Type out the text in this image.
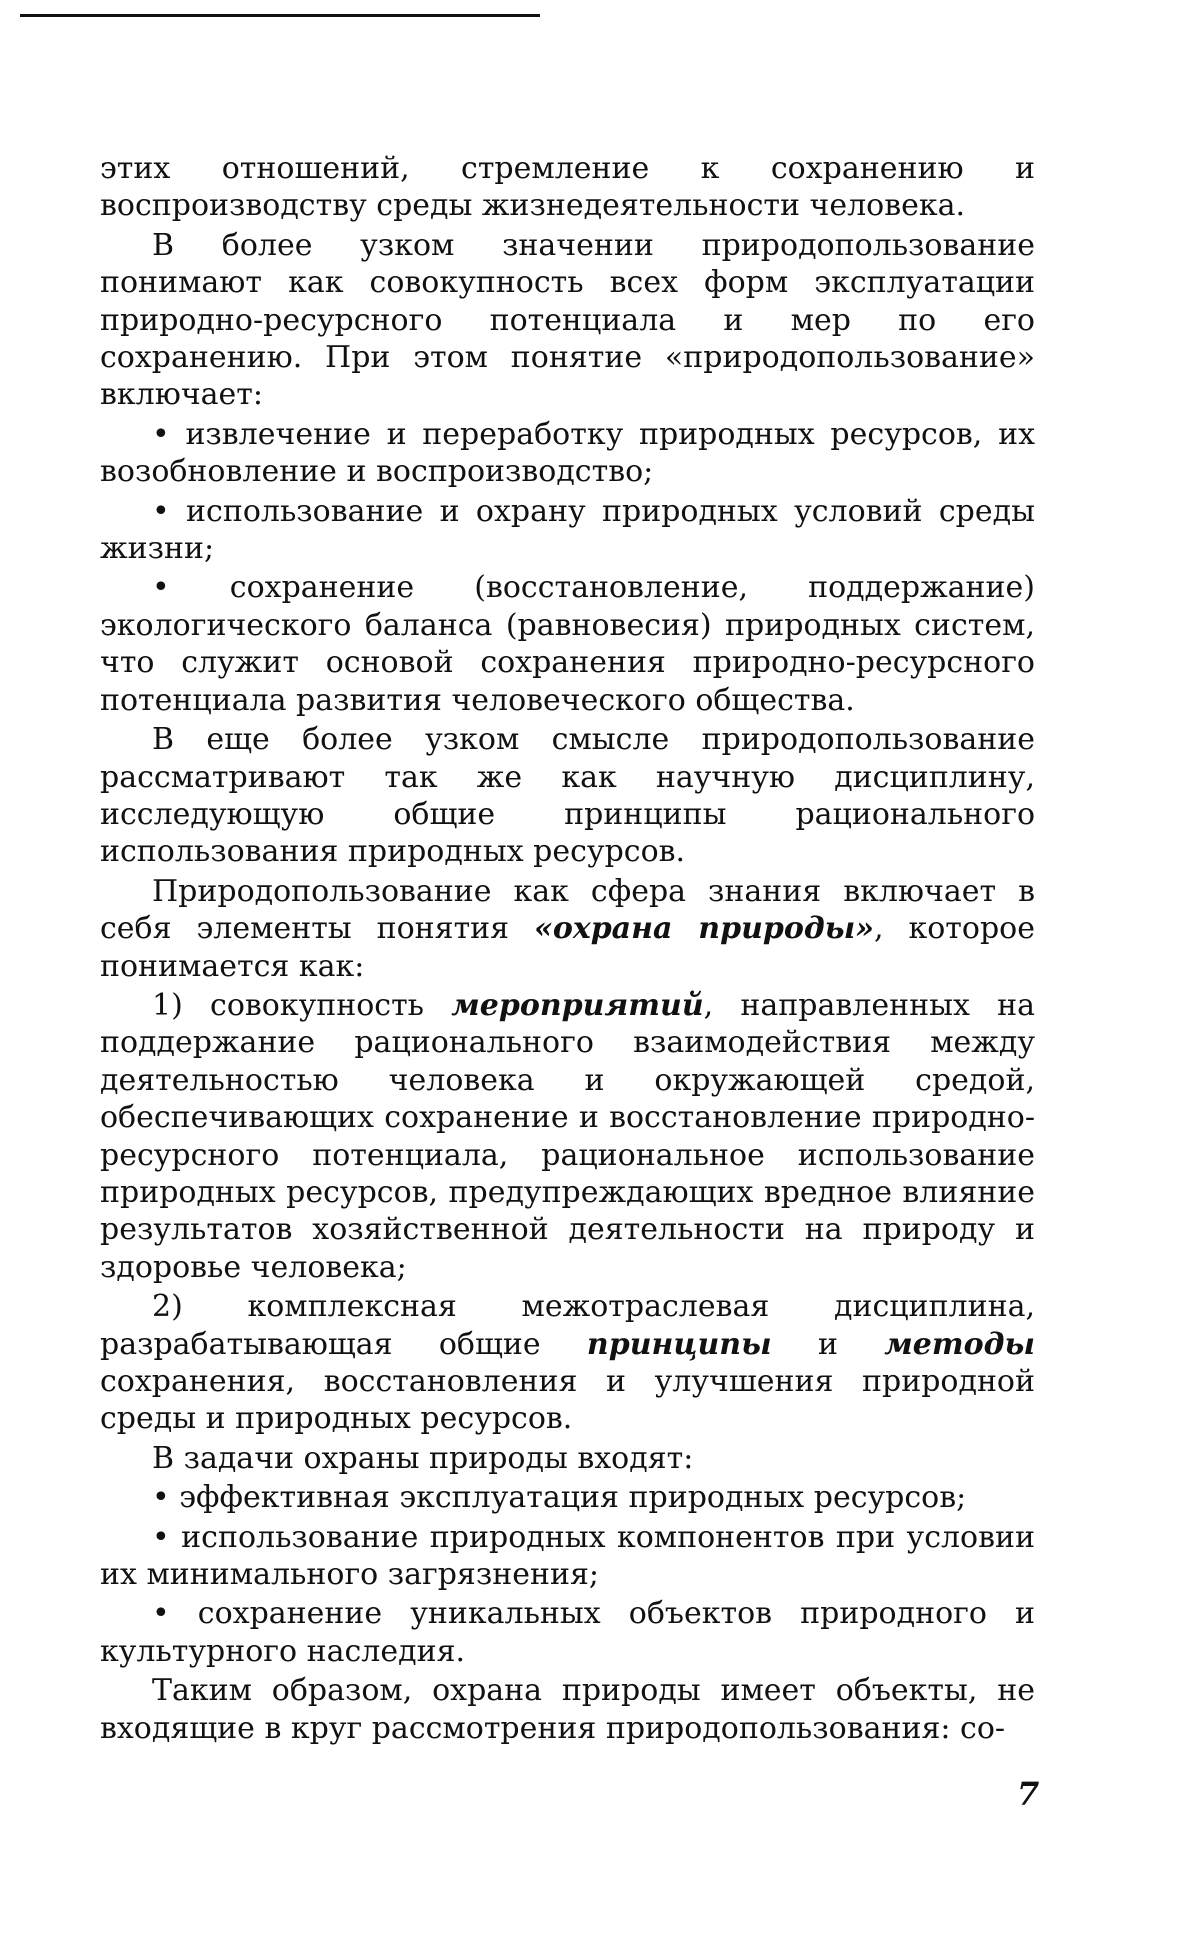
этих отношений, стремление к сохранению и воспроизводству среды жизнедеятельности человека.

В более узком значении природопользование понимают как совокупность всех форм эксплуатации природно-ресурсного потенциала и мер по его сохранению. При этом понятие «природопользование» включает:

• извлечение и переработку природных ресурсов, их возобновление и воспроизводство;

• использование и охрану природных условий среды жизни;

• сохранение (восстановление, поддержание) экологического баланса (равновесия) природных систем, что служит основой сохранения природно-ресурсного потенциала развития человеческого общества.

В еще более узком смысле природопользование рассматривают так же как научную дисциплину, исследующую общие принципы рационального использования природных ресурсов.

Природопользование как сфера знания включает в себя элементы понятия «охрана природы», которое понимается как:

1) совокупность мероприятий, направленных на поддержание рационального взаимодействия между деятельностью человека и окружающей средой, обеспечивающих сохранение и восстановление природно-ресурсного потенциала, рациональное использование природных ресурсов, предупреждающих вредное влияние результатов хозяйственной деятельности на природу и здоровье человека;

2) комплексная межотраслевая дисциплина, разрабатывающая общие принципы и методы сохранения, восстановления и улучшения природной среды и природных ресурсов.

В задачи охраны природы входят:

• эффективная эксплуатация природных ресурсов;

• использование природных компонентов при условии их минимального загрязнения;

• сохранение уникальных объектов природного и культурного наследия.

Таким образом, охрана природы имеет объекты, не входящие в круг рассмотрения природопользования: со-

7
